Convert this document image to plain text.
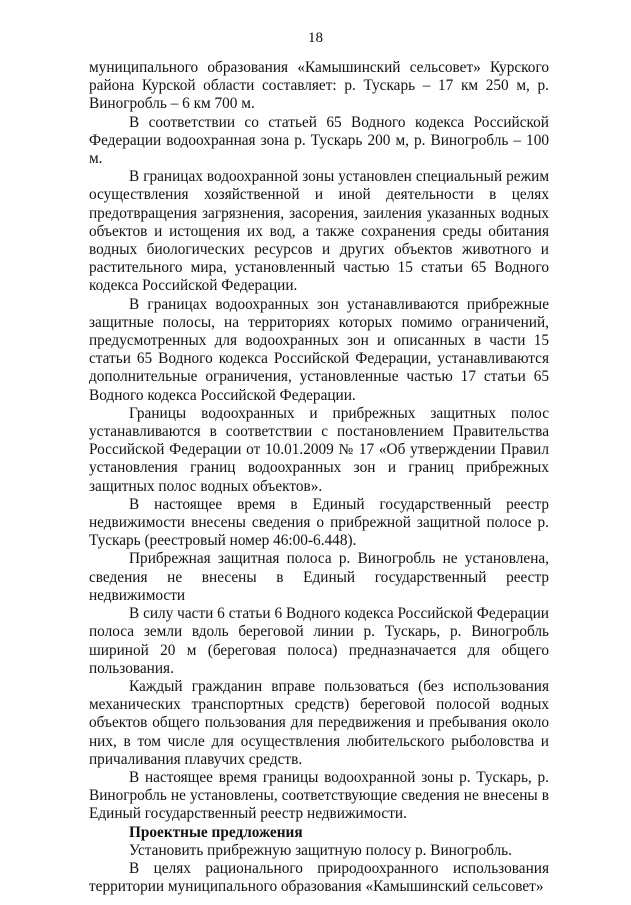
18

муниципального образования «Камышинский сельсовет» Курского района Курской области составляет: р. Тускарь – 17 км 250 м, р. Виногробль – 6 км 700 м.

В соответствии со статьей 65 Водного кодекса Российской Федерации водоохранная зона р. Тускарь 200 м, р. Виногробль – 100 м.

В границах водоохранной зоны установлен специальный режим осуществления хозяйственной и иной деятельности в целях предотвращения загрязнения, засорения, заиления указанных водных объектов и истощения их вод, а также сохранения среды обитания водных биологических ресурсов и других объектов животного и растительного мира, установленный частью 15 статьи 65 Водного кодекса Российской Федерации.

В границах водоохранных зон устанавливаются прибрежные защитные полосы, на территориях которых помимо ограничений, предусмотренных для водоохранных зон и описанных в части 15 статьи 65 Водного кодекса Российской Федерации, устанавливаются дополнительные ограничения, установленные частью 17 статьи 65 Водного кодекса Российской Федерации.

Границы водоохранных и прибрежных защитных полос устанавливаются в соответствии с постановлением Правительства Российской Федерации от 10.01.2009 № 17 «Об утверждении Правил установления границ водоохранных зон и границ прибрежных защитных полос водных объектов».

В настоящее время в Единый государственный реестр недвижимости внесены сведения о прибрежной защитной полосе р. Тускарь (реестровый номер 46:00-6.448).

Прибрежная защитная полоса р. Виногробль не установлена, сведения не внесены в Единый государственный реестр недвижимости

В силу части 6 статьи 6 Водного кодекса Российской Федерации полоса земли вдоль береговой линии р. Тускарь, р. Виногробль шириной 20 м (береговая полоса) предназначается для общего пользования.

Каждый гражданин вправе пользоваться (без использования механических транспортных средств) береговой полосой водных объектов общего пользования для передвижения и пребывания около них, в том числе для осуществления любительского рыболовства и причаливания плавучих средств.

В настоящее время границы водоохранной зоны р. Тускарь, р. Виногробль не установлены, соответствующие сведения не внесены в Единый государственный реестр недвижимости.

Проектные предложения

Установить прибрежную защитную полосу р. Виногробль.

В целях рационального природоохранного использования территории муниципального образования «Камышинский сельсовет»
